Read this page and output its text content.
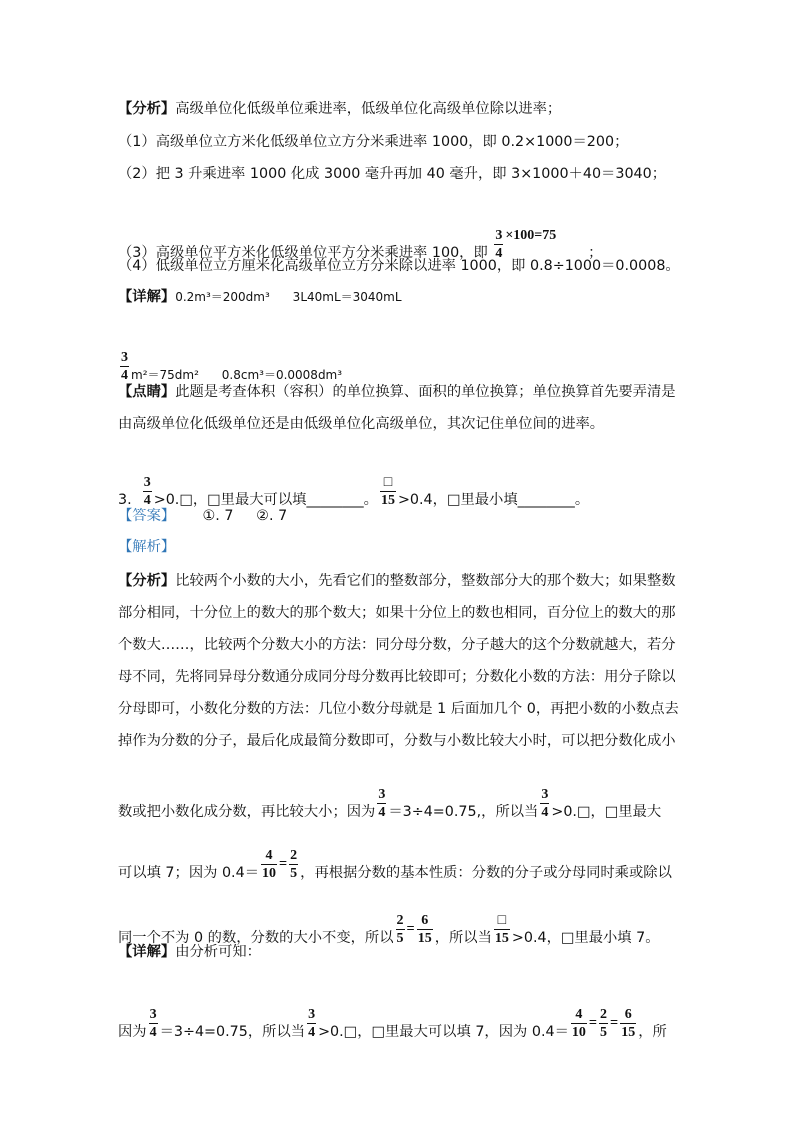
【分析】高级单位化低级单位乘进率，低级单位化高级单位除以进率；
（1）高级单位立方米化低级单位立方分米乘进率 1000，即 0.2×1000＝200；
（2）把 3 升乘进率 1000 化成 3000 毫升再加 40 毫升，即 3×1000＋40＝3040；
（3）高级单位平方米化低级单位平方分米乘进率 100，即 $\frac{3}{4} \times 100=75$       ；
（4）低级单位立方厘米化高级单位立方分米除以进率 1000，即 0.8÷1000＝0.0008。
【详解】0.2m³＝200dm³      3L40mL＝3040mL
$\frac{3}{4} m^2=75dm^2$      0.8cm³＝0.0008dm³
【点睛】此题是考查体积（容积）的单位换算、面积的单位换算；单位换算首先要弄清是
由高级单位化低级单位还是由低级单位化高级单位，其次记住单位间的进率。
3. $\frac{3}{4}$ >0.□，□里最大可以填________。 $\frac{□}{15} >0.4$，□里最小填________。
【答案】      ①. 7     ②. 7
【解析】
【分析】比较两个小数的大小，先看它们的整数部分，整数部分大的那个数大；如果整数
部分相同，十分位上的数大的那个数大；如果十分位上的数也相同，百分位上的数大的那
个数大……，比较两个分数大小的方法：同分母分数，分子越大的这个分数就越大，若分
母不同，先将同异母分数通分成同分母分数再比较即可；分数化小数的方法：用分子除以
分母即可，小数化分数的方法：几位小数分母就是 1 后面加几个 0，再把小数的小数点去
掉作为分数的分子，最后化成最简分数即可，分数与小数比较大小时，可以把分数化成小
数或把小数化成分数，再比较大小；因为 $\frac{3}{4} =3\div 4=0.75$,，所以当 $\frac{3}{4}$ >0.□，□里最大
可以填 7；因为 $0.4= \frac{4}{10} = \frac{2}{5}$ ，再根据分数的基本性质：分数的分子或分母同时乘或除以
同一个不为 0 的数，分数的大小不变，所以 $\frac{2}{5} = \frac{6}{15}$ ，所以当 $\frac{□}{15} >0.4$，□里最小填 7。
【详解】由分析可知：
因为 $\frac{3}{4} =3\div 4=0.75$，所以当 $\frac{3}{4}$ >0.□，□里最大可以填 7，因为 $0.4= \frac{4}{10} = \frac{2}{5} = \frac{6}{15}$ ，所
